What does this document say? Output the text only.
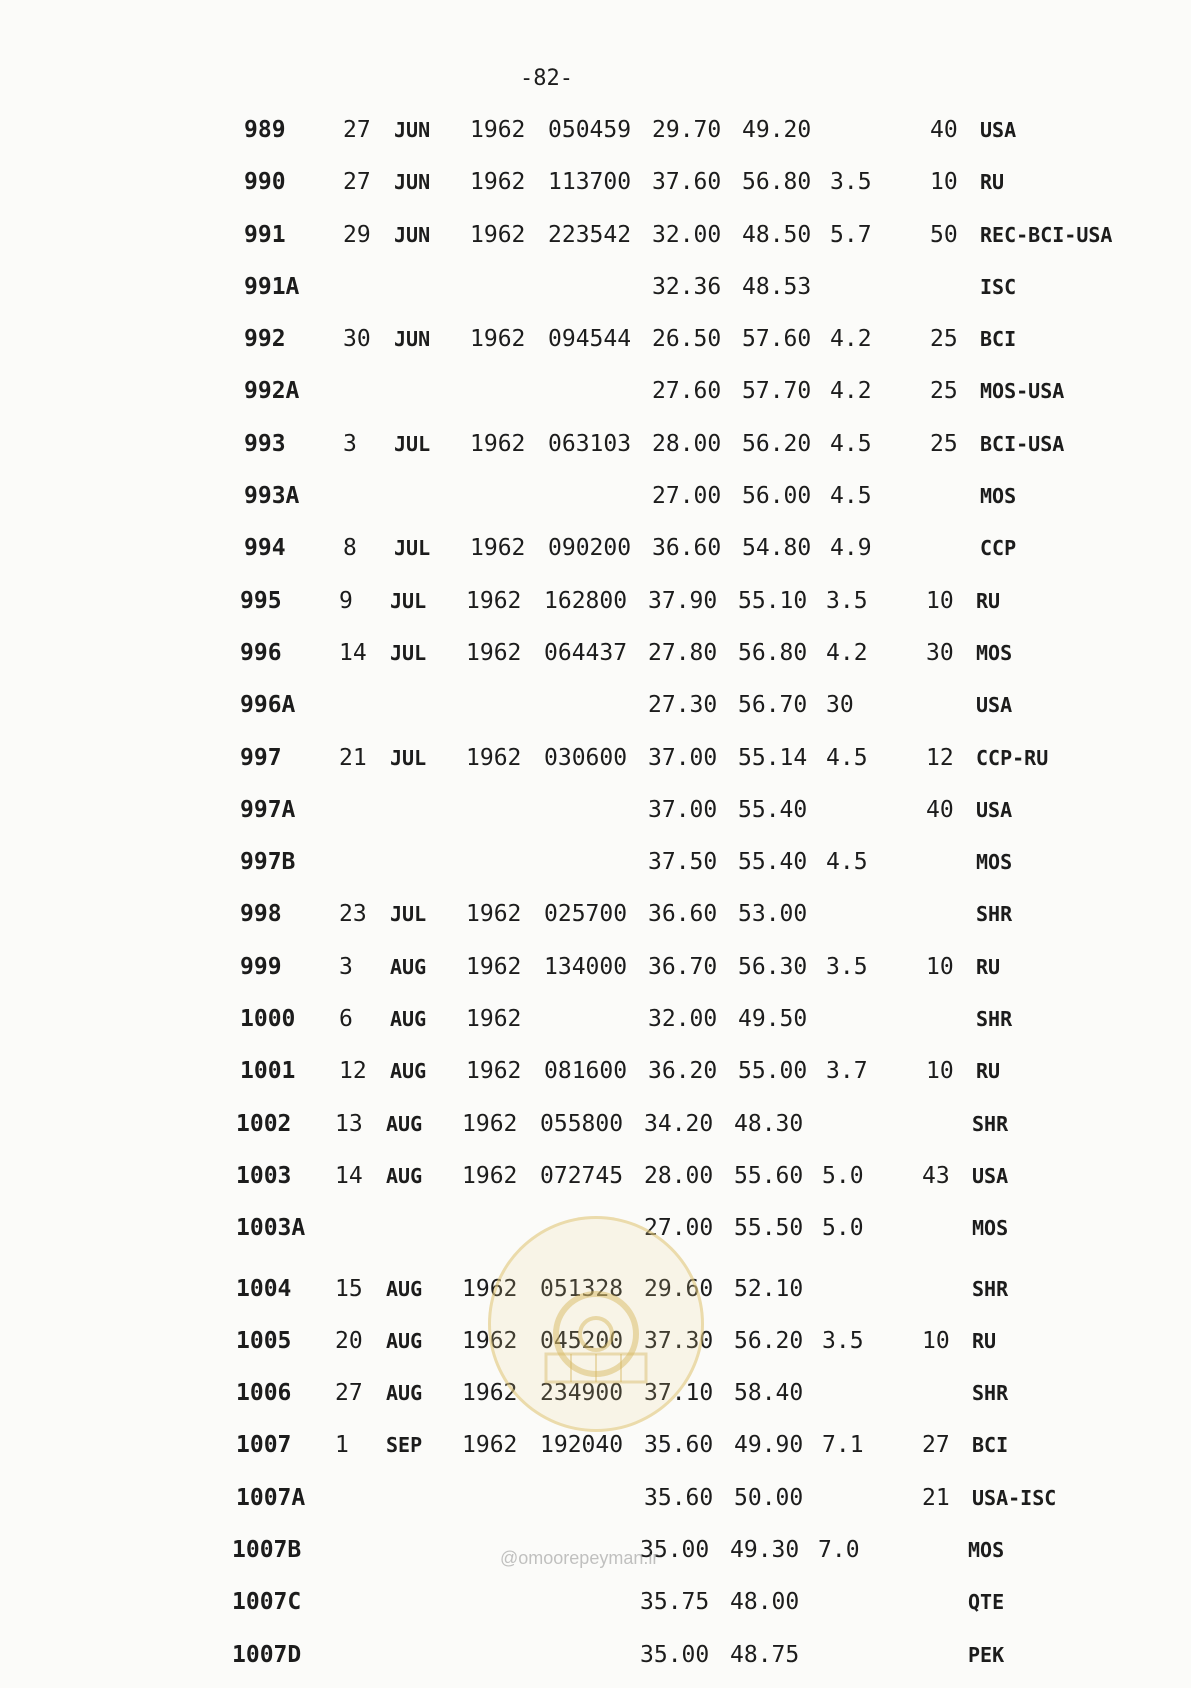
-82-
989 27 JUN 1962 050459 29.70 49.20	40 USA
990 27 JUN 1962 113700 37.60 56.80 3.5	10 RU
991 29 JUN 1962 223542 32.00 48.50 5.7	50 REC-BCI-USA
991A	32.36 48.53	ISC
992 30 JUN 1962 094544 26.50 57.60 4.2	25 BCI
992A	27.60 57.70 4.2	25 MOS-USA
993 3 JUL 1962 063103 28.00 56.20 4.5	25 BCI-USA
993A	27.00 56.00 4.5	MOS
994 8 JUL 1962 090200 36.60 54.80 4.9	CCP
995 9 JUL 1962 162800 37.90 55.10 3.5	10 RU
996 14 JUL 1962 064437 27.80 56.80 4.2	30 MOS
996A	27.30 56.70 30	USA
997 21 JUL 1962 030600 37.00 55.14 4.5	12 CCP-RU
997A	37.00 55.40	40 USA
997B	37.50 55.40 4.5	MOS
998 23 JUL 1962 025700 36.60 53.00	SHR
999 3 AUG 1962 134000 36.70 56.30 3.5	10 RU
1000 6 AUG 1962	32.00 49.50	SHR
1001 12 AUG 1962 081600 36.20 55.00 3.7	10 RU
1002 13 AUG 1962 055800 34.20 48.30	SHR
1003 14 AUG 1962 072745 28.00 55.60 5.0	43 USA
1003A	27.00 55.50 5.0	MOS
1004 15 AUG 1962 051328 29.60 52.10	SHR
1005 20 AUG 1962 045200 37.30 56.20 3.5	10 RU
1006 27 AUG 1962 234900 37.10 58.40	SHR
1007 1 SEP 1962 192040 35.60 49.90 7.1	27 BCI
1007A	35.60 50.00	21 USA-ISC
1007B	35.00 49.30 7.0	MOS
1007C	35.75 48.00	QTE
1007D	35.00 48.75	PEK
@omoorepeyman.ir
